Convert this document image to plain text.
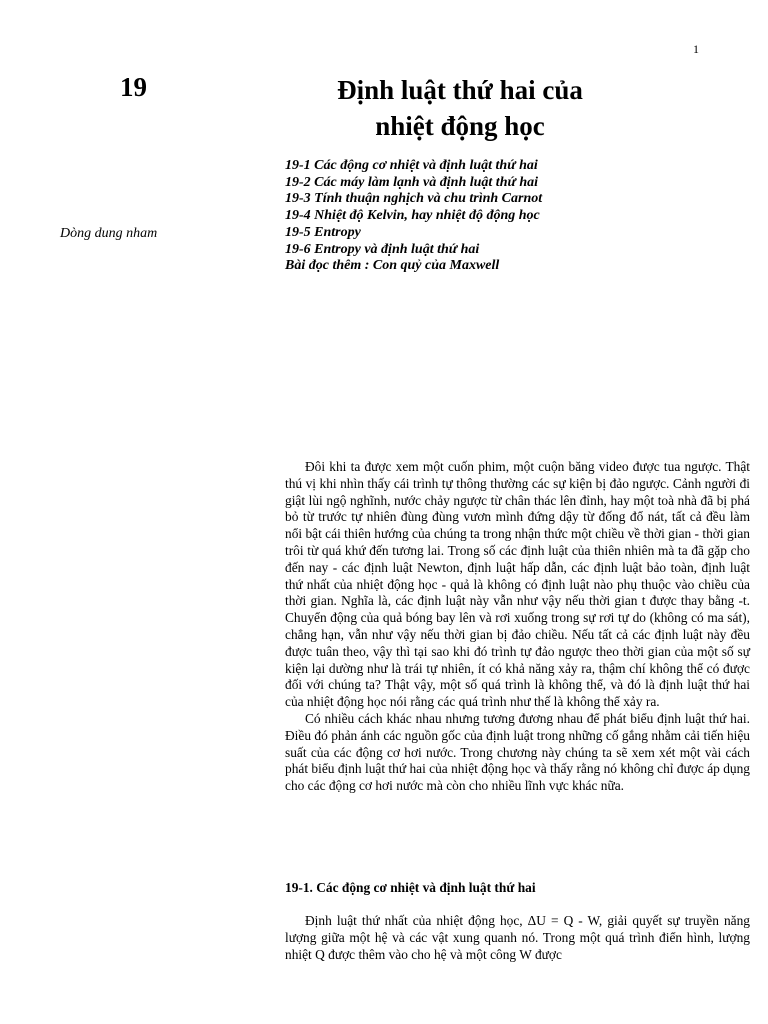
1
19	Định luật thứ hai của
nhiệt động học
19-1 Các động cơ nhiệt và định luật thứ hai
19-2 Các máy làm lạnh và định luật thứ hai
19-3 Tính thuận nghịch và chu trình Carnot
19-4 Nhiệt độ Kelvin, hay nhiệt độ động học
19-5 Entropy
19-6 Entropy và định luật thứ hai
Bài đọc thêm : Con quỷ của Maxwell
Dòng dung nham

Đôi khi ta được xem một cuốn phim, một cuộn băng video được tua ngược. Thật thú vị khi nhìn thấy cái trình tự thông thường các sự kiện bị đảo ngược. Cảnh người đi giật lùi ngộ nghĩnh, nước chảy ngược từ chân thác lên đỉnh, hay một toà nhà đã bị phá bỏ từ trước tự nhiên đùng đùng vươn mình đứng dậy từ đống đổ nát, tất cả đều làm nổi bật cái thiên hướng của chúng ta trong nhận thức một chiều về thời gian - thời gian trôi từ quá khứ đến tương lai. Trong số các định luật của thiên nhiên mà ta đã gặp cho đến nay - các định luật Newton, định luật hấp dẫn, các định luật bảo toàn, định luật thứ nhất của nhiệt động học - quả là không có định luật nào phụ thuộc vào chiều của thời gian. Nghĩa là, các định luật này vẫn như vậy nếu thời gian t được thay bằng -t. Chuyển động của quả bóng bay lên và rơi xuống trong sự rơi tự do (không có ma sát), chẳng hạn, vẫn như vậy nếu thời gian bị đảo chiều. Nếu tất cả các định luật này đều được tuân theo, vậy thì tại sao khi đó trình tự đảo ngược theo thời gian của một số sự kiện lại dường như là trái tự nhiên, ít có khả năng xảy ra, thậm chí không thể có được đối với chúng ta? Thật vậy, một số quá trình là không thể, và đó là định luật thứ hai của nhiệt động học nói rằng các quá trình như thế là không thể xảy ra.

Có nhiều cách khác nhau nhưng tương đương nhau để phát biểu định luật thứ hai. Điều đó phản ánh các nguồn gốc của định luật trong những cố gắng nhằm cải tiến hiệu suất của các động cơ hơi nước. Trong chương này chúng ta sẽ xem xét một vài cách phát biểu định luật thứ hai của nhiệt động học và thấy rằng nó không chỉ được áp dụng cho các động cơ hơi nước mà còn cho nhiều lĩnh vực khác nữa.

19-1. Các động cơ nhiệt và định luật thứ hai

Định luật thứ nhất của nhiệt động học, ΔU = Q - W, giải quyết sự truyền năng lượng giữa một hệ và các vật xung quanh nó. Trong một quá trình điển hình, lượng nhiệt Q được thêm vào cho hệ và một công W được
